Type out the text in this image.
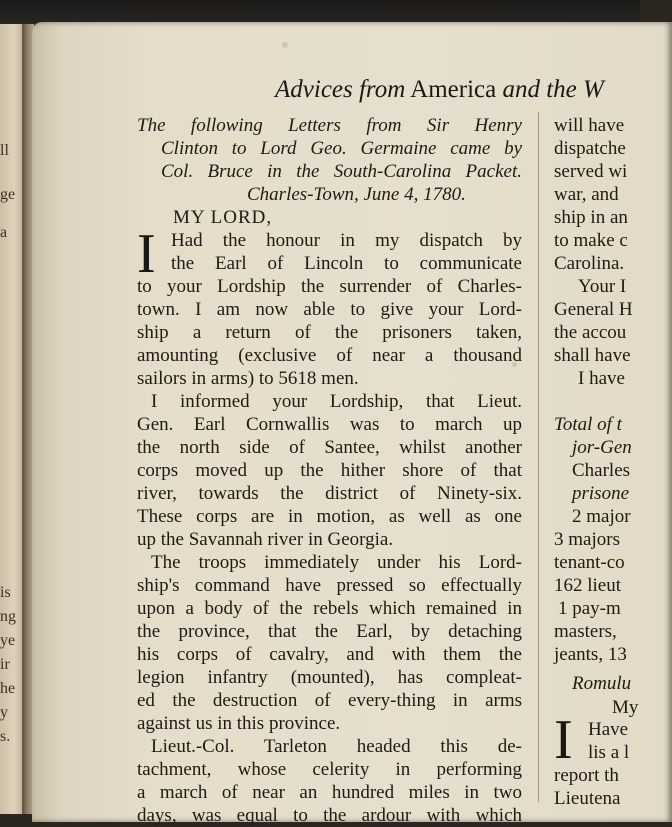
ll
ge
a
is
ng
ye
ir
he
y
s.
Advices from America and the W
The following Letters from Sir Henry
Clinton to Lord Geo. Germaine came by
Col. Bruce in the South-Carolina Packet.
Charles-Town, June 4, 1780.
MY LORD,
I Had the honour in my dispatch by
the Earl of Lincoln to communicate
to your Lordship the surrender of Charles-
town. I am now able to give your Lord-
ship a return of the prisoners taken,
amounting (exclusive of near a thousand
sailors in arms) to 5618 men.
I informed your Lordship, that Lieut.
Gen. Earl Cornwallis was to march up
the north side of Santee, whilst another
corps moved up the hither shore of that
river, towards the district of Ninety-six.
These corps are in motion, as well as one
up the Savannah river in Georgia.
The troops immediately under his Lord-
ship's command have pressed so effectually
upon a body of the rebels which remained in
the province, that the Earl, by detaching
his corps of cavalry, and with them the
legion infantry (mounted), has compleat-
ed the destruction of every-thing in arms
against us in this province.
Lieut.-Col. Tarleton headed this de-
tachment, whose celerity in performing
a march of near an hundred miles in two
days, was equal to the ardour with which
will have
dispatche
served wi
war, and
ship in an
to make c
Carolina.
Your I
General H
the accou
shall have
I have
Total of t
jor-Gen
Charles
prisone
2 major
3 majors
tenant-co
162 lieut
1 pay-m
masters,
jeants, 13
Romulu
My
I Have
lis a l
report th
Lieutena
